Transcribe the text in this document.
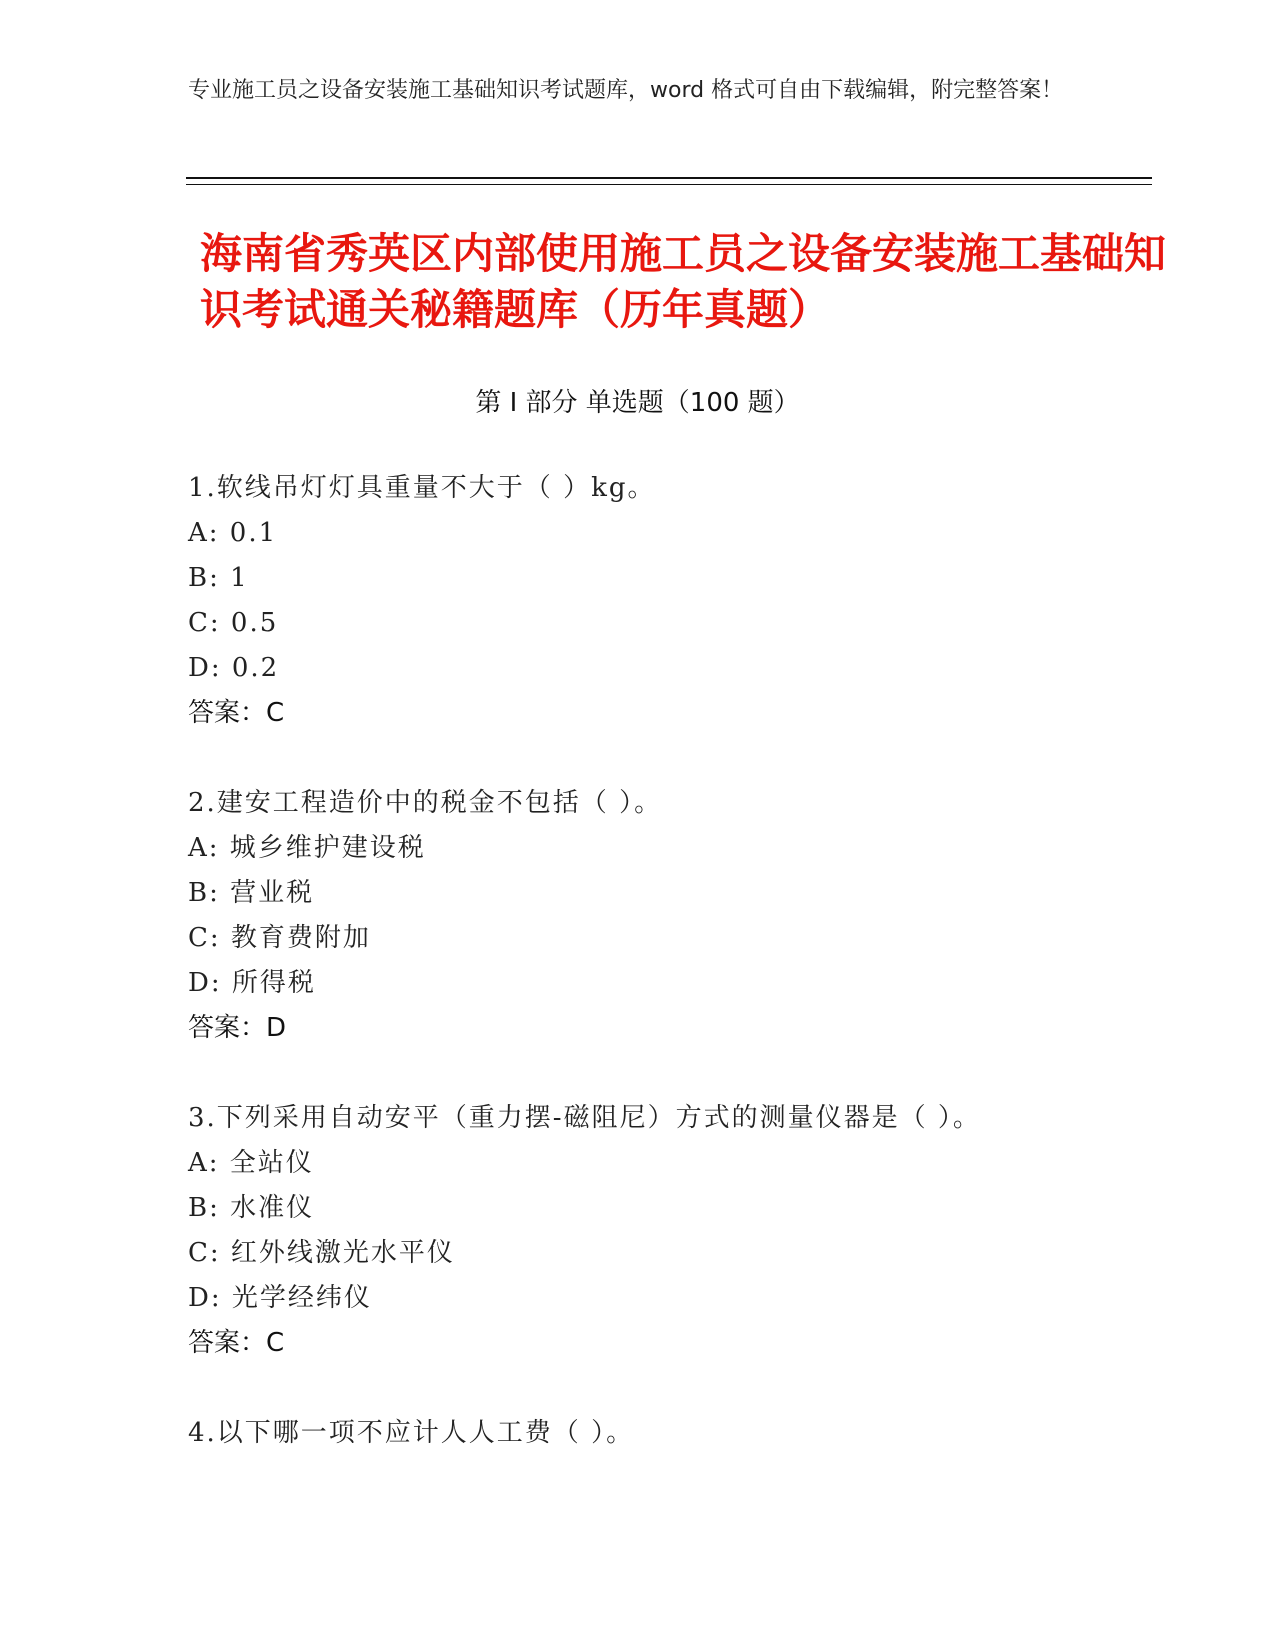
专业施工员之设备安装施工基础知识考试题库，word 格式可自由下载编辑，附完整答案！
海南省秀英区内部使用施工员之设备安装施工基础知识考试通关秘籍题库（历年真题）
第 I 部分 单选题（100 题）
1.软线吊灯灯具重量不大于（ ）kg。
A: 0.1
B: 1
C: 0.5
D: 0.2
答案：C
2.建安工程造价中的税金不包括（ ）。
A: 城乡维护建设税
B: 营业税
C: 教育费附加
D: 所得税
答案：D
3.下列采用自动安平（重力摆-磁阻尼）方式的测量仪器是（ ）。
A: 全站仪
B: 水准仪
C: 红外线激光水平仪
D: 光学经纬仪
答案：C
4.以下哪一项不应计人人工费（ ）。
